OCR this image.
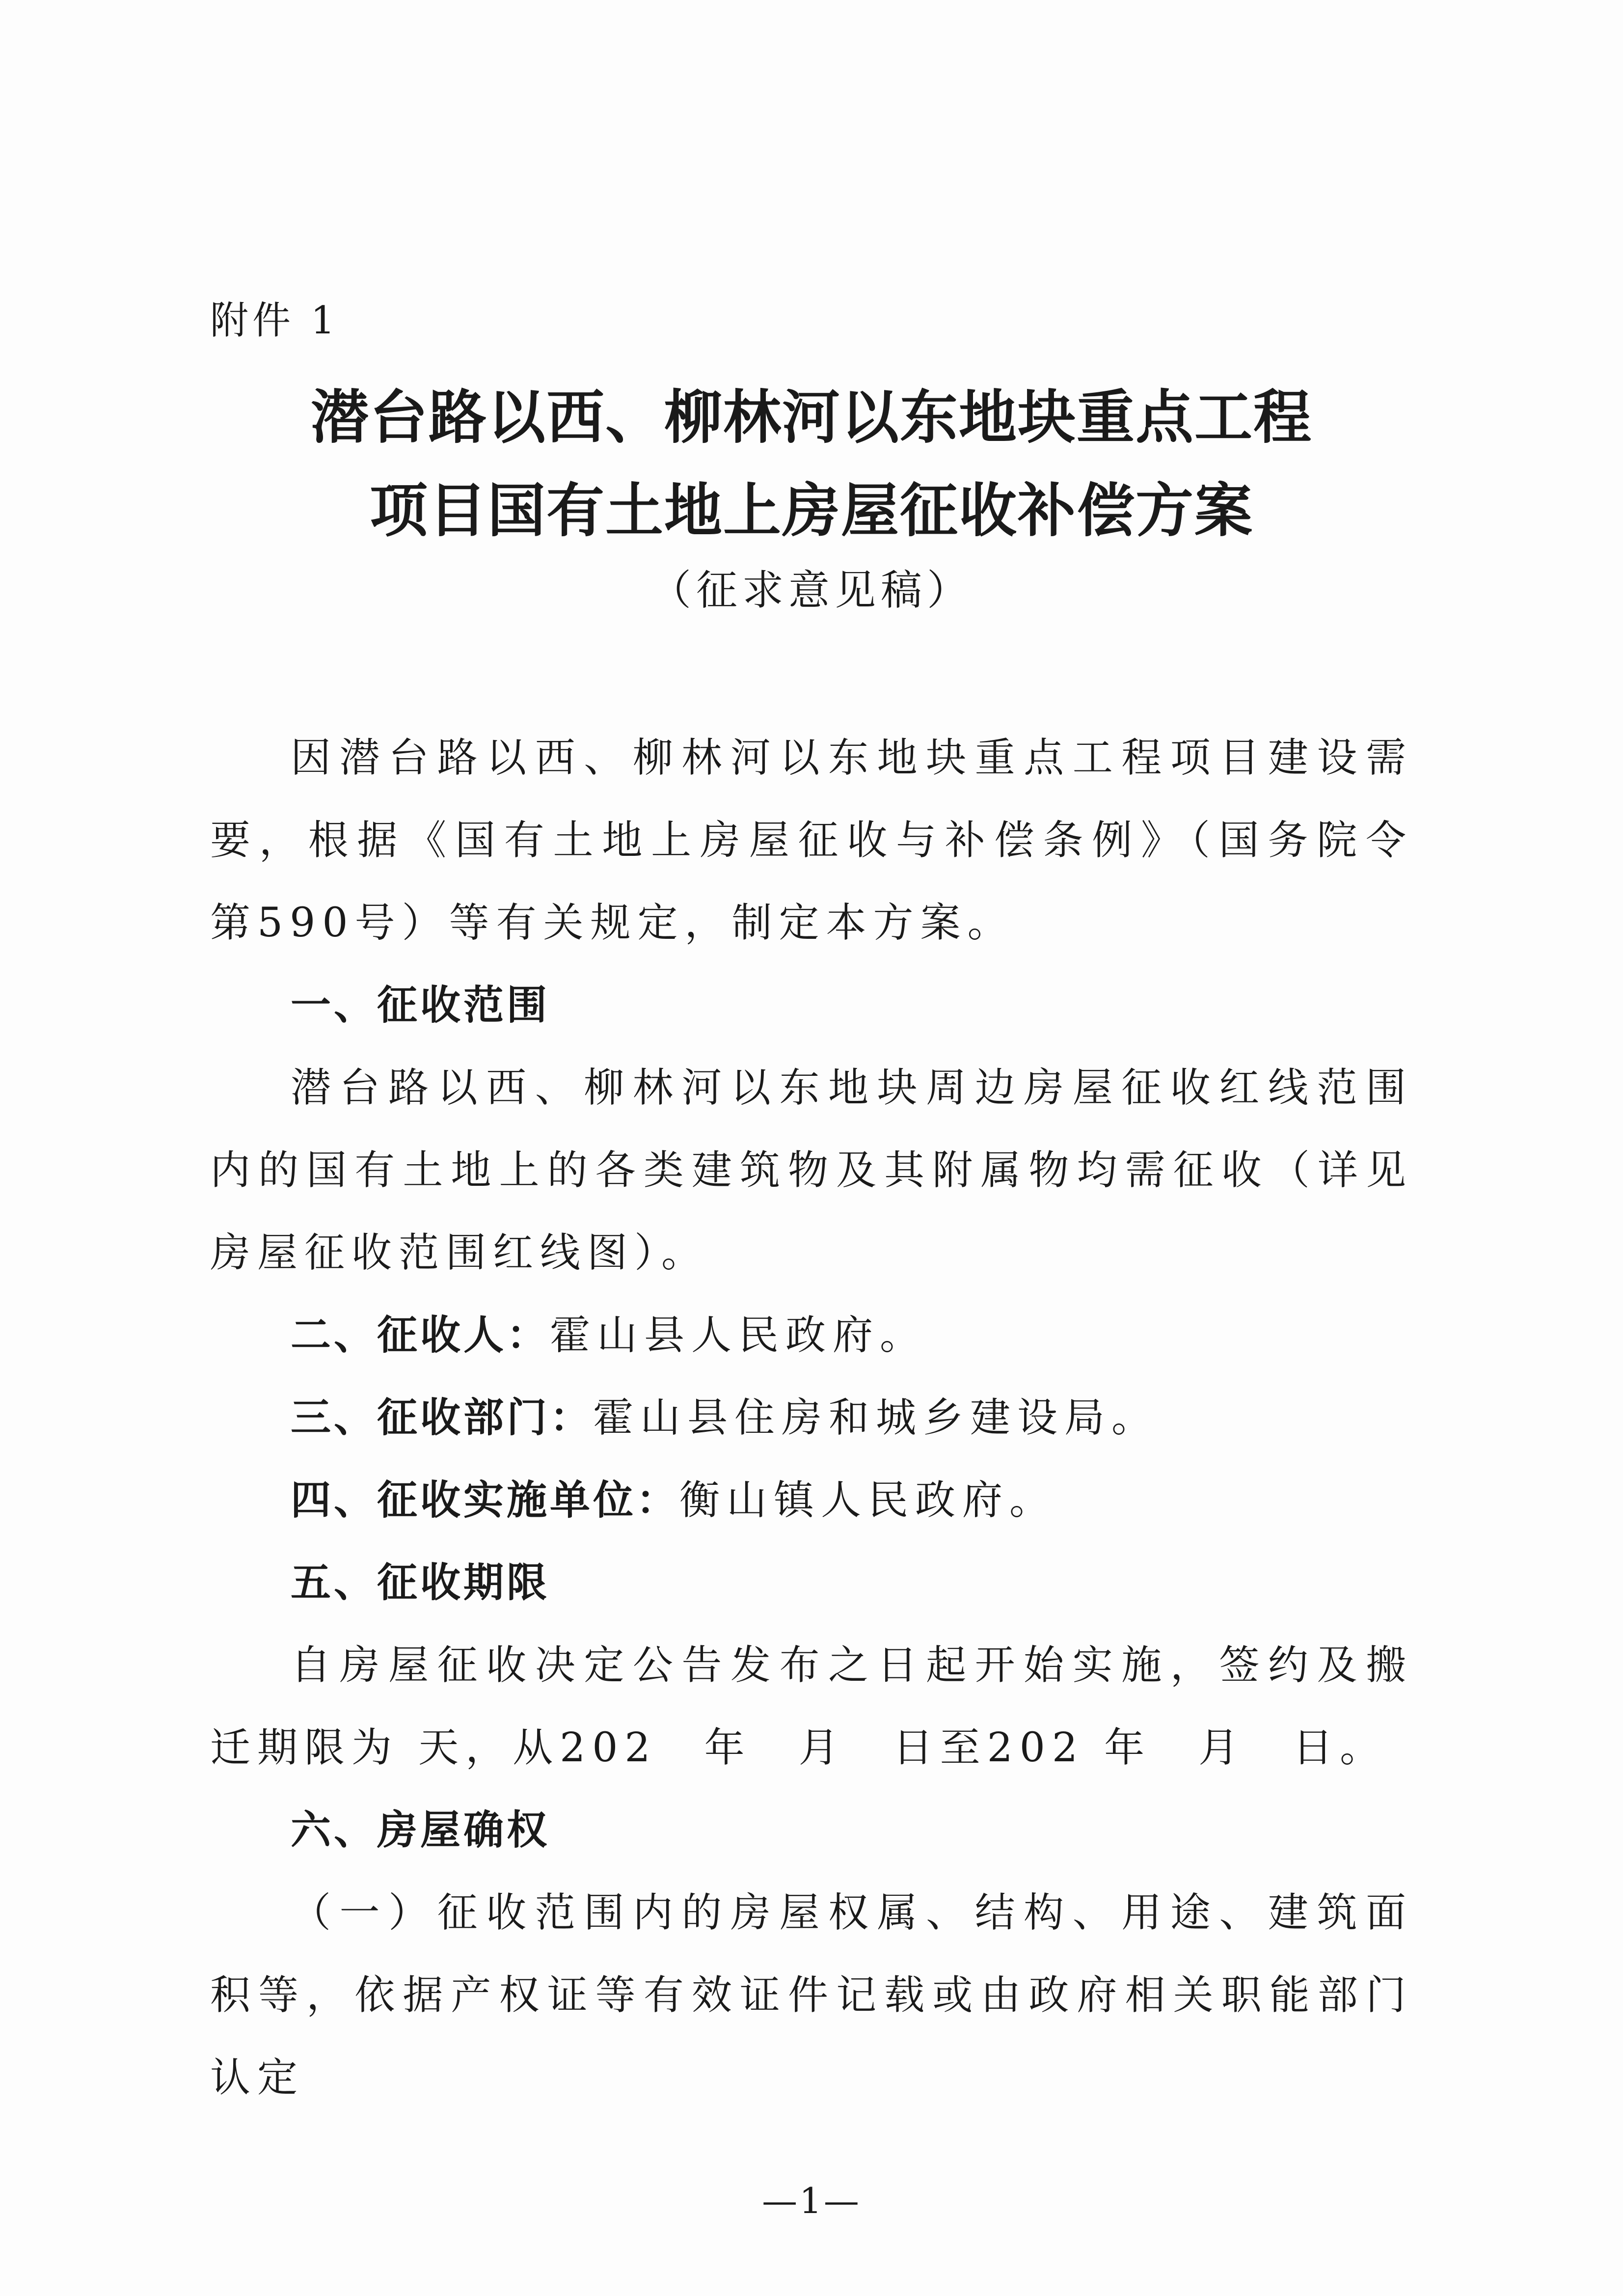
附件 1
潜台路以西、柳林河以东地块重点工程
项目国有土地上房屋征收补偿方案
（征求意见稿）

因潜台路以西、柳林河以东地块重点工程项目建设需要，根据《国有土地上房屋征收与补偿条例》（国务院令第590号）等有关规定，制定本方案。

一、征收范围

潜台路以西、柳林河以东地块周边房屋征收红线范围内的国有土地上的各类建筑物及其附属物均需征收（详见房屋征收范围红线图）。

二、征收人：霍山县人民政府。

三、征收部门：霍山县住房和城乡建设局。

四、征收实施单位：衡山镇人民政府。

五、征收期限

自房屋征收决定公告发布之日起开始实施，签约及搬迁期限为 天，从202　年　月　日至202 年　月　日。

六、房屋确权

（一）征收范围内的房屋权属、结构、用途、建筑面积等，依据产权证等有效证件记载或由政府相关职能部门认定

—1—
